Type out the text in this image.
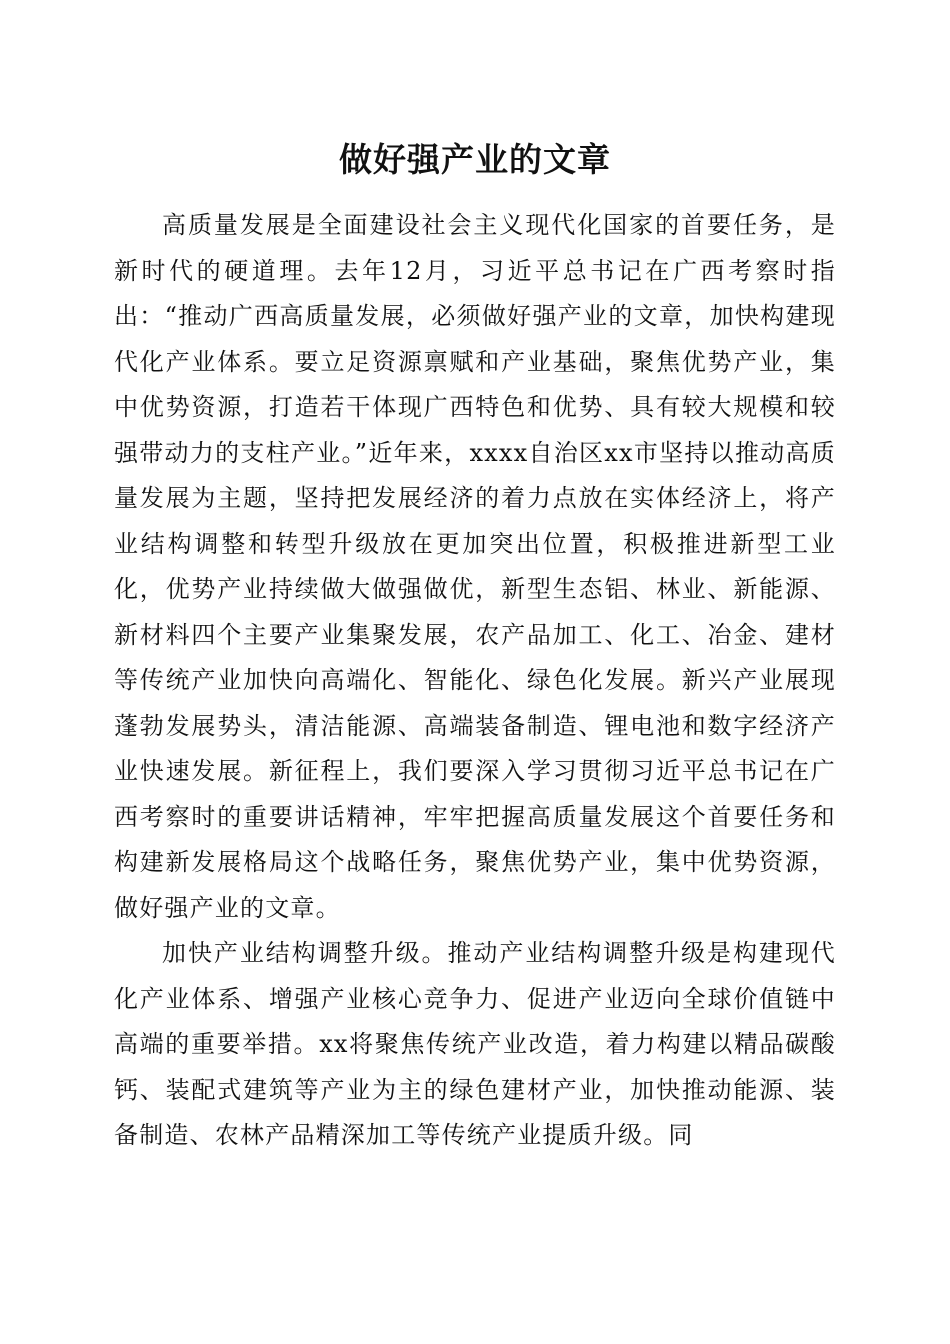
做好强产业的文章

高质量发展是全面建设社会主义现代化国家的首要任务，是新时代的硬道理。去年12月，习近平总书记在广西考察时指出：“推动广西高质量发展，必须做好强产业的文章，加快构建现代化产业体系。要立足资源禀赋和产业基础，聚焦优势产业，集中优势资源，打造若干体现广西特色和优势、具有较大规模和较强带动力的支柱产业。”近年来，xxxx自治区xx市坚持以推动高质量发展为主题，坚持把发展经济的着力点放在实体经济上，将产业结构调整和转型升级放在更加突出位置，积极推进新型工业化，优势产业持续做大做强做优，新型生态铝、林业、新能源、新材料四个主要产业集聚发展，农产品加工、化工、冶金、建材等传统产业加快向高端化、智能化、绿色化发展。新兴产业展现蓬勃发展势头，清洁能源、高端装备制造、锂电池和数字经济产业快速发展。新征程上，我们要深入学习贯彻习近平总书记在广西考察时的重要讲话精神，牢牢把握高质量发展这个首要任务和构建新发展格局这个战略任务，聚焦优势产业，集中优势资源，做好强产业的文章。

加快产业结构调整升级。推动产业结构调整升级是构建现代化产业体系、增强产业核心竞争力、促进产业迈向全球价值链中高端的重要举措。xx将聚焦传统产业改造，着力构建以精品碳酸钙、装配式建筑等产业为主的绿色建材产业，加快推动能源、装备制造、农林产品精深加工等传统产业提质升级。同
